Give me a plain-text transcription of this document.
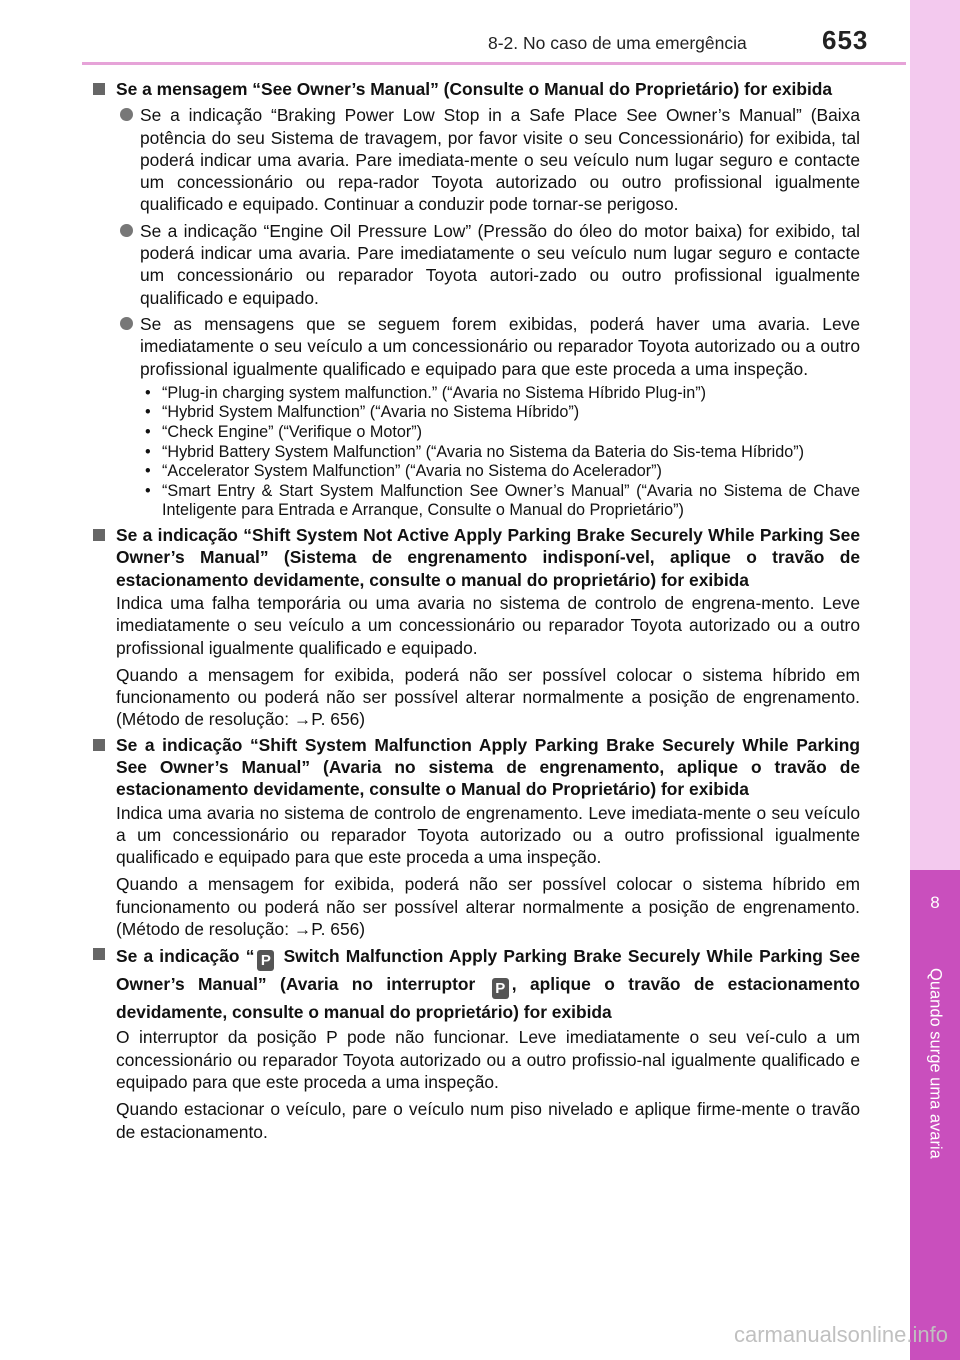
8-2. No caso de uma emergência	653
8
Quando surge uma avaria
Se a mensagem “See Owner’s Manual” (Consulte o Manual do Proprietário) for exibida
Se a indicação “Braking Power Low Stop in a Safe Place See Owner’s Manual” (Baixa potência do seu Sistema de travagem, por favor visite o seu Concessionário) for exibida, tal poderá indicar uma avaria. Pare imediata-mente o seu veículo num lugar seguro e contacte um concessionário ou repa-rador Toyota autorizado ou outro profissional igualmente qualificado e equipado. Continuar a conduzir pode tornar-se perigoso.
Se a indicação “Engine Oil Pressure Low” (Pressão do óleo do motor baixa) for exibido, tal poderá indicar uma avaria. Pare imediatamente o seu veículo num lugar seguro e contacte um concessionário ou reparador Toyota autori-zado ou outro profissional igualmente qualificado e equipado.
Se as mensagens que se seguem forem exibidas, poderá haver uma avaria. Leve imediatamente o seu veículo a um concessionário ou reparador Toyota autorizado ou a outro profissional igualmente qualificado e equipado para que este proceda a uma inspeção.
• “Plug-in charging system malfunction.” (“Avaria no Sistema Híbrido Plug-in”)
• “Hybrid System Malfunction” (“Avaria no Sistema Híbrido”)
• “Check Engine” (“Verifique o Motor”)
• “Hybrid Battery System Malfunction” (“Avaria no Sistema da Bateria do Sis-tema Híbrido”)
• “Accelerator System Malfunction” (“Avaria no Sistema do Acelerador”)
• “Smart Entry & Start System Malfunction See Owner’s Manual” (“Avaria no Sistema de Chave Inteligente para Entrada e Arranque, Consulte o Manual do Proprietário”)
Se a indicação “Shift System Not Active Apply Parking Brake Securely While Parking See Owner’s Manual” (Sistema de engrenamento indisponí-vel, aplique o travão de estacionamento devidamente, consulte o manual do proprietário) for exibida
Indica uma falha temporária ou uma avaria no sistema de controlo de engrena-mento. Leve imediatamente o seu veículo a um concessionário ou reparador Toyota autorizado ou a outro profissional igualmente qualificado e equipado.
Quando a mensagem for exibida, poderá não ser possível colocar o sistema híbrido em funcionamento ou poderá não ser possível alterar normalmente a posição de engrenamento. (Método de resolução: →P. 656)
Se a indicação “Shift System Malfunction Apply Parking Brake Securely While Parking See Owner’s Manual” (Avaria no sistema de engrenamento, aplique o travão de estacionamento devidamente, consulte o Manual do Proprietário) for exibida
Indica uma avaria no sistema de controlo de engrenamento. Leve imediata-mente o seu veículo a um concessionário ou reparador Toyota autorizado ou a outro profissional igualmente qualificado e equipado para que este proceda a uma inspeção.
Quando a mensagem for exibida, poderá não ser possível colocar o sistema híbrido em funcionamento ou poderá não ser possível alterar normalmente a posição de engrenamento. (Método de resolução: →P. 656)
Se a indicação “ P Switch Malfunction Apply Parking Brake Securely While Parking See Owner’s Manual” (Avaria no interruptor P , aplique o travão de estacionamento devidamente, consulte o manual do proprietário) for exibida
O interruptor da posição P pode não funcionar. Leve imediatamente o seu veí-culo a um concessionário ou reparador Toyota autorizado ou a outro profissio-nal igualmente qualificado e equipado para que este proceda a uma inspeção.
Quando estacionar o veículo, pare o veículo num piso nivelado e aplique firme-mente o travão de estacionamento.
carmanualsonline.info
